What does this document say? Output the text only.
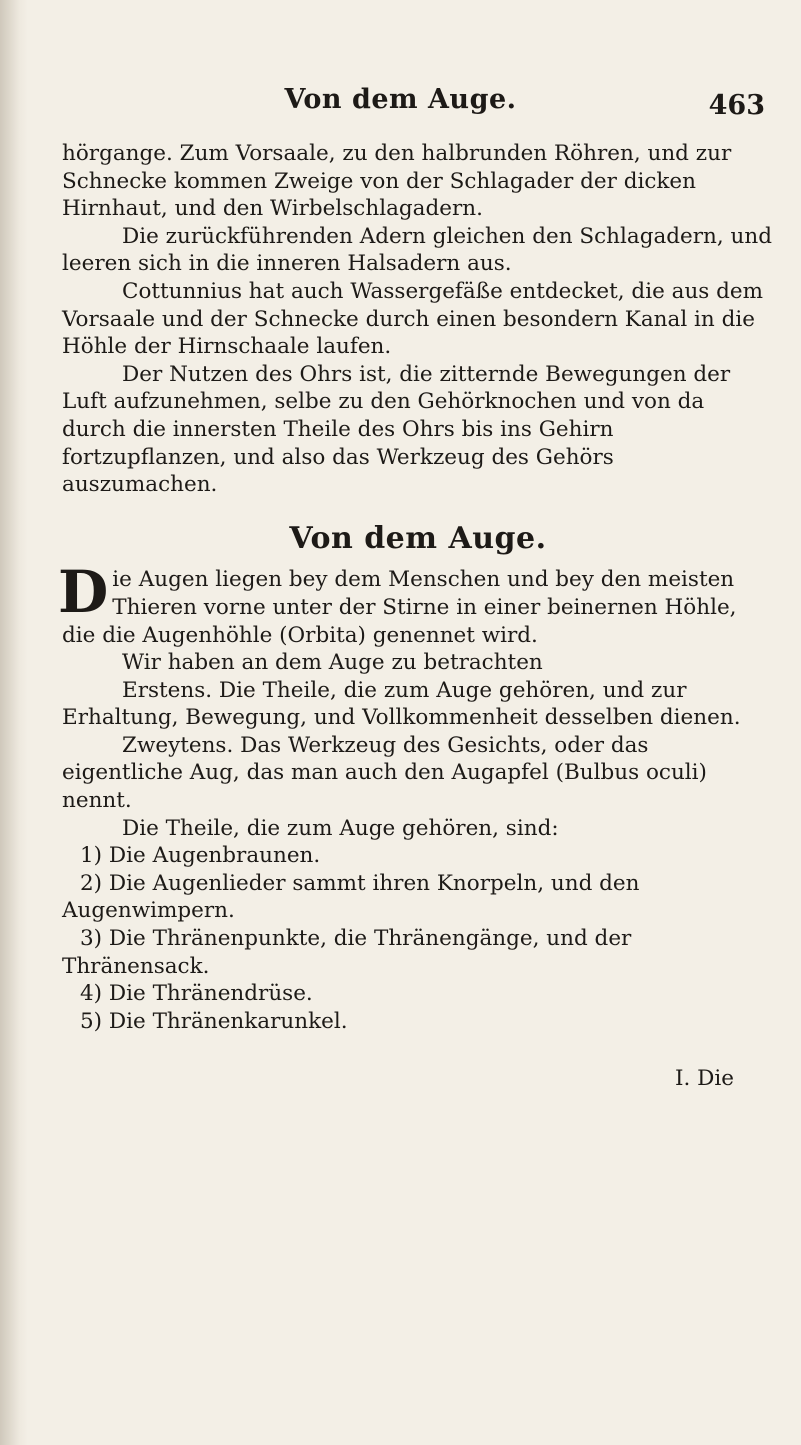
Von dem Auge.	463

hörgange. Zum Vorsaale, zu den halbrunden Röhren, und zur Schnecke kommen Zweige von der Schlagader der dicken Hirnhaut, und den Wirbelschlagadern.

Die zurückführenden Adern gleichen den Schlagadern, und leeren sich in die inneren Halsadern aus.

Cottunnius hat auch Wassergefäße entdecket, die aus dem Vorsaale und der Schnecke durch einen besondern Kanal in die Höhle der Hirnschaale laufen.

Der Nutzen des Ohrs ist, die zitternde Bewegungen der Luft aufzunehmen, selbe zu den Gehörknochen und von da durch die innersten Theile des Ohrs bis ins Gehirn fortzupflanzen, und also das Werkzeug des Gehörs auszumachen.

Von dem Auge.

D ie Augen liegen bey dem Menschen und bey den meisten Thieren vorne unter der Stirne in einer beinernen Höhle, die die Augenhöhle (Orbita) genennet wird.

Wir haben an dem Auge zu betrachten

Erstens. Die Theile, die zum Auge gehören, und zur Erhaltung, Bewegung, und Vollkommenheit desselben dienen.

Zweytens. Das Werkzeug des Gesichts, oder das eigentliche Aug, das man auch den Augapfel (Bulbus oculi) nennt.

Die Theile, die zum Auge gehören, sind:

1) Die Augenbraunen.
2) Die Augenlieder sammt ihren Knorpeln, und den Augenwimpern.
3) Die Thränenpunkte, die Thränengänge, und der Thränensack.
4) Die Thränendrüse.
5) Die Thränenkarunkel.
I. Die
